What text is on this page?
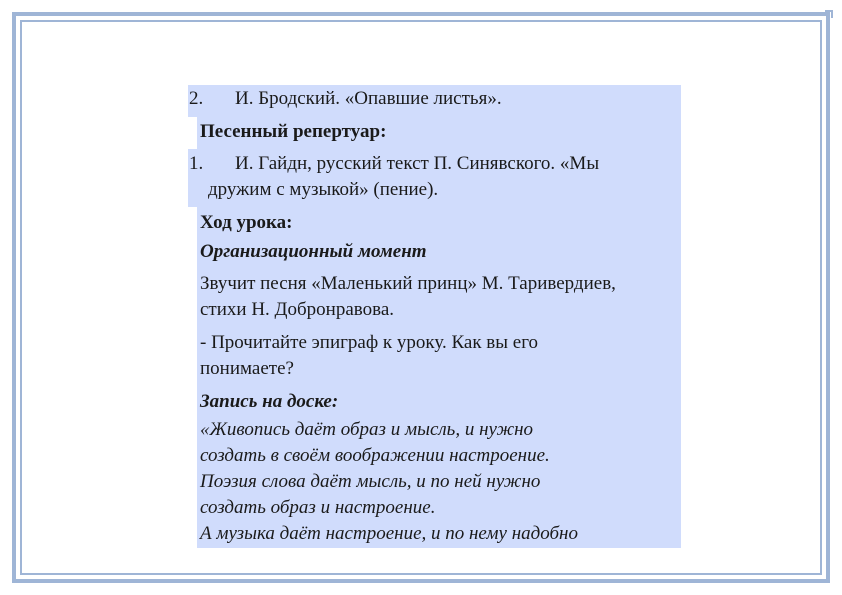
2. И. Бродский. «Опавшие листья».
Песенный репертуар:
1. И. Гайдн, русский текст П. Синявского. «Мы
дружим с музыкой» (пение).
Ход урока:
Организационный момент
Звучит песня «Маленький принц» М. Таривердиев,
стихи Н. Добронравова.
- Прочитайте эпиграф к уроку. Как вы его
понимаете?
Запись на доске:
«Живопись даёт образ и мысль, и нужно
создать в своём воображении настроение.
Поэзия слова даёт мысль, и по ней нужно
создать образ и настроение.
А музыка даёт настроение, и по нему надобно
